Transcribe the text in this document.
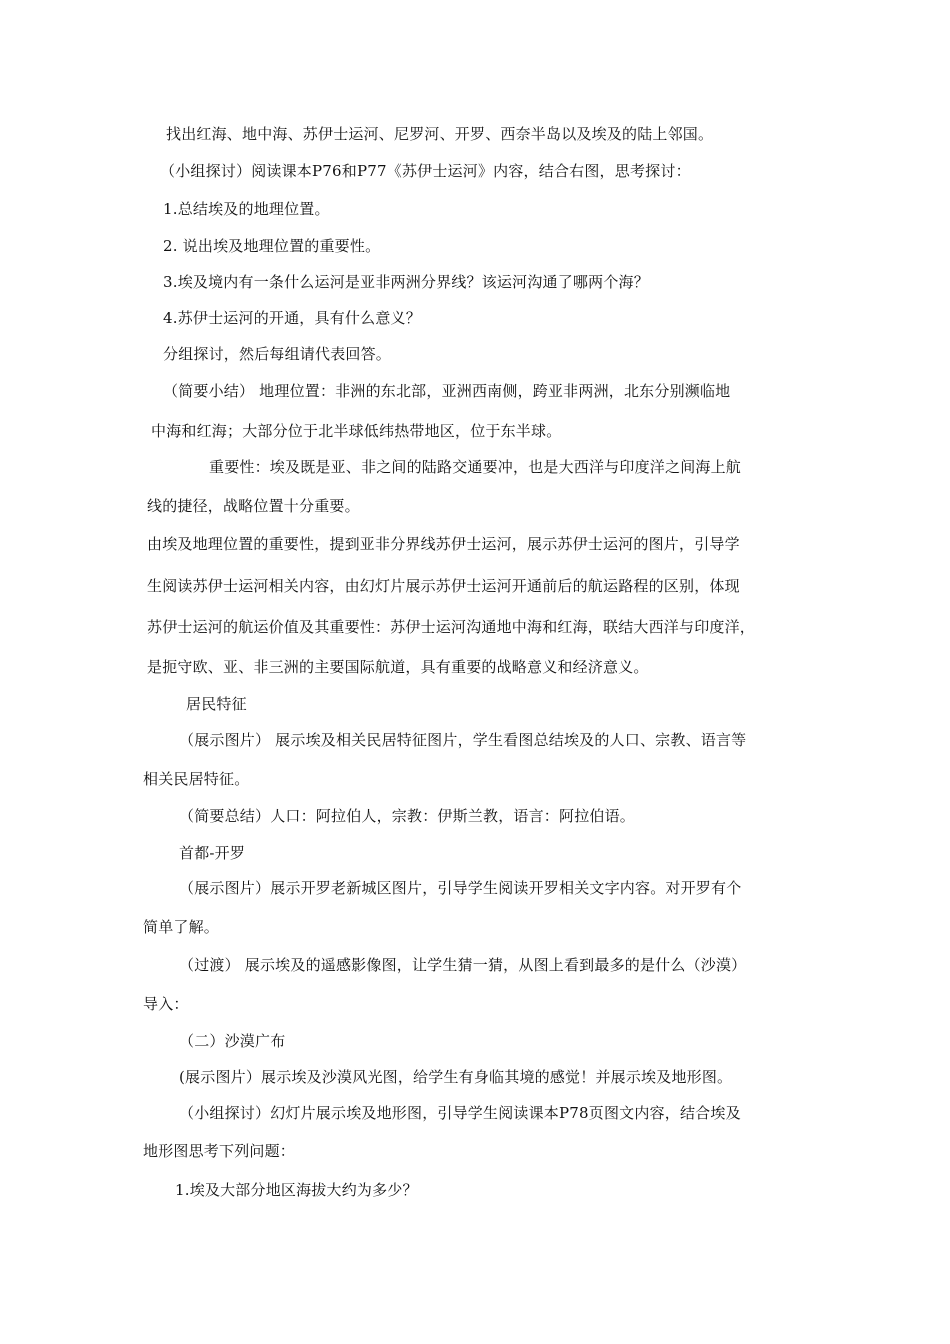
找出红海、地中海、苏伊士运河、尼罗河、开罗、西奈半岛以及埃及的陆上邻国。
（小组探讨）阅读课本P76和P77《苏伊士运河》内容，结合右图，思考探讨：
1.总结埃及的地理位置。
2. 说出埃及地理位置的重要性。
3.埃及境内有一条什么运河是亚非两洲分界线？该运河沟通了哪两个海？
4.苏伊士运河的开通，具有什么意义？
分组探讨，然后每组请代表回答。
（简要小结） 地理位置：非洲的东北部，亚洲西南侧，跨亚非两洲，北东分别濒临地
中海和红海；大部分位于北半球低纬热带地区，位于东半球。
重要性：埃及既是亚、非之间的陆路交通要冲，也是大西洋与印度洋之间海上航
线的捷径，战略位置十分重要。
由埃及地理位置的重要性，提到亚非分界线苏伊士运河，展示苏伊士运河的图片，引导学
生阅读苏伊士运河相关内容，由幻灯片展示苏伊士运河开通前后的航运路程的区别，体现
苏伊士运河的航运价值及其重要性：苏伊士运河沟通地中海和红海，联结大西洋与印度洋，
是扼守欧、亚、非三洲的主要国际航道，具有重要的战略意义和经济意义。
居民特征
（展示图片） 展示埃及相关民居特征图片，学生看图总结埃及的人口、宗教、语言等
相关民居特征。
（简要总结）人口：阿拉伯人，宗教：伊斯兰教，语言：阿拉伯语。
首都-开罗
（展示图片）展示开罗老新城区图片，引导学生阅读开罗相关文字内容。对开罗有个
简单了解。
（过渡） 展示埃及的遥感影像图，让学生猜一猜，从图上看到最多的是什么（沙漠）
导入：
（二）沙漠广布
(展示图片）展示埃及沙漠风光图，给学生有身临其境的感觉！并展示埃及地形图。
（小组探讨）幻灯片展示埃及地形图，引导学生阅读课本P78页图文内容，结合埃及
地形图思考下列问题：
1.埃及大部分地区海拔大约为多少？
